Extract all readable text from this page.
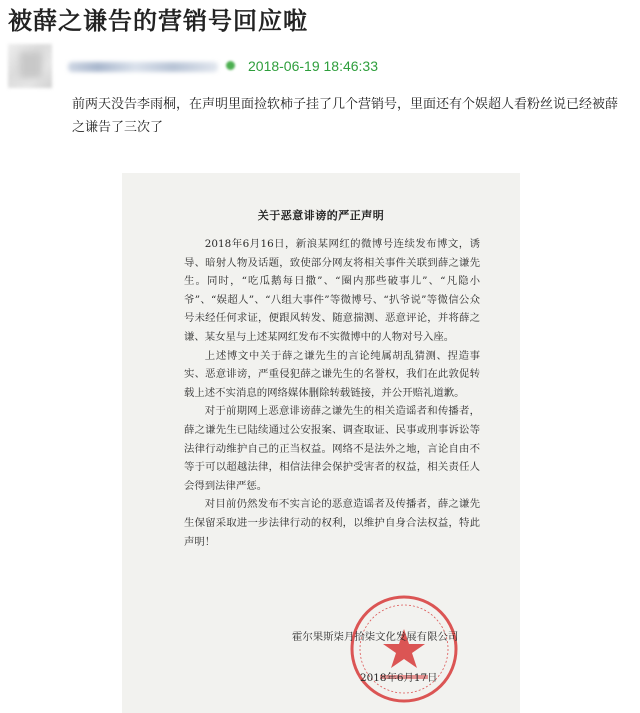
被薛之谦告的营销号回应啦
2018-06-19 18:46:33
前两天没告李雨桐，在声明里面捡软柿子挂了几个营销号，里面还有个娱超人看粉丝说已经被薛之谦告了三次了
关于恶意诽谤的严正声明

2018年6月16日，新浪某网红的微博号连续发布博文，诱导、暗射人物及话题，致使部分网友将相关事件关联到薛之谦先生。同时，“吃瓜鹅每日撒”、“圈内那些破事儿”、“凡隐小爷”、“娱超人”、“八组大事件”等微博号、“扒爷说”等微信公众号未经任何求证，便跟风转发、随意揣测、恶意评论，并将薛之谦、某女星与上述某网红发布不实微博中的人物对号入座。

上述博文中关于薛之谦先生的言论纯属胡乱猜测、捏造事实、恶意诽谤，严重侵犯薛之谦先生的名誉权，我们在此敦促转载上述不实消息的网络媒体删除转载链接，并公开赔礼道歉。

对于前期网上恶意诽谤薛之谦先生的相关造谣者和传播者，薛之谦先生已陆续通过公安报案、调查取证、民事或刑事诉讼等法律行动维护自己的正当权益。网络不是法外之地，言论自由不等于可以超越法律，相信法律会保护受害者的权益，相关责任人会得到法律严惩。

对目前仍然发布不实言论的恶意造谣者及传播者，薛之谦先生保留采取进一步法律行动的权利，以维护自身合法权益，特此声明！

霍尔果斯柒月拾柒文化发展有限公司
2018年6月17日
